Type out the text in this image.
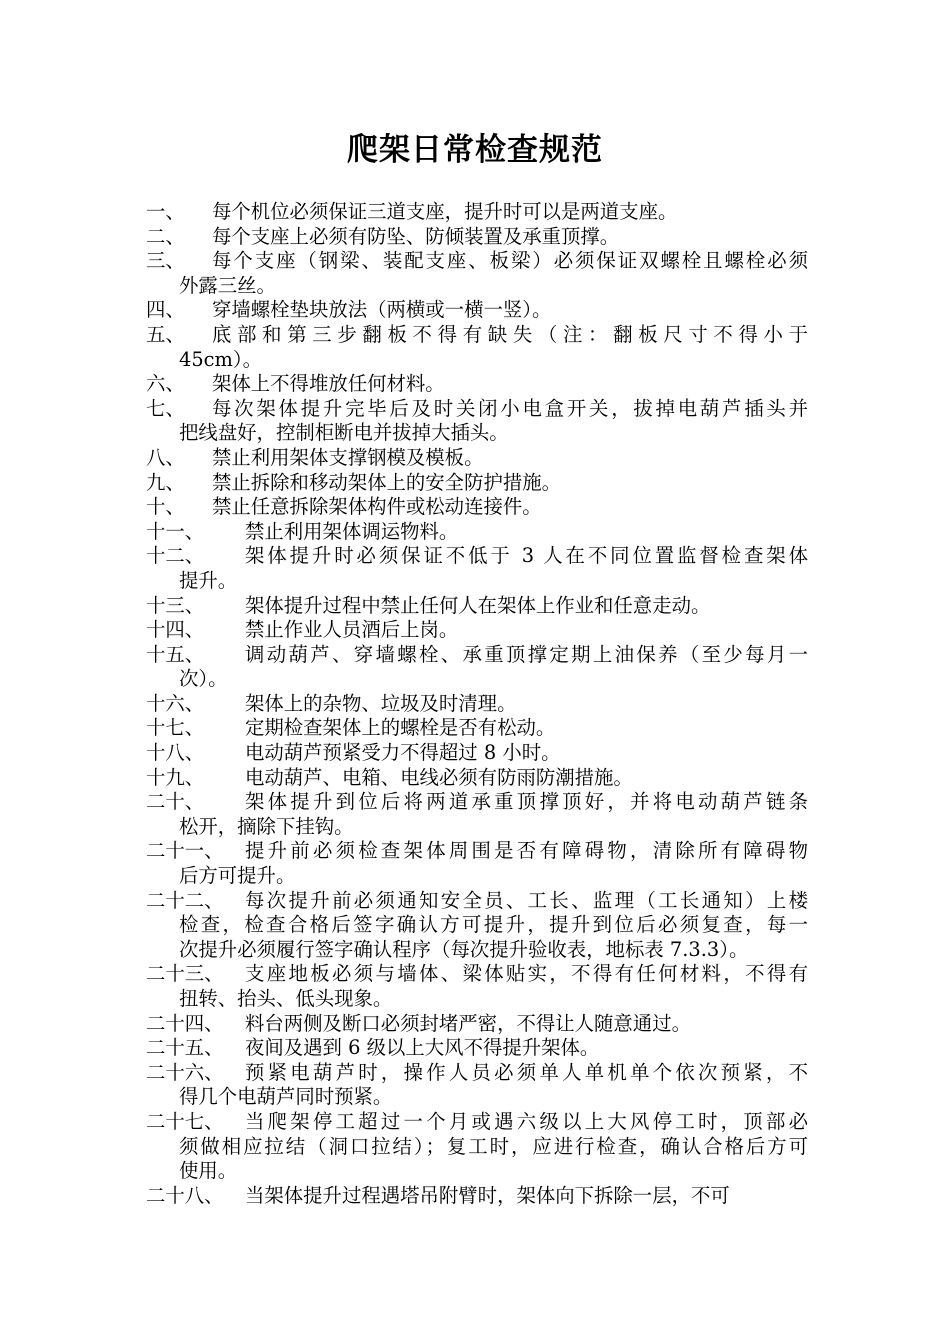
爬架日常检查规范
一、	每个机位必须保证三道支座，提升时可以是两道支座。
二、	每个支座上必须有防坠、防倾装置及承重顶撑。
三、	每个支座（钢梁、装配支座、板梁）必须保证双螺栓且螺栓必须
外露三丝。
四、	穿墙螺栓垫块放法（两横或一横一竖）。
五、	底部和第三步翻板不得有缺失（注：翻板尺寸不得小于
45cm）。
六、	架体上不得堆放任何材料。
七、	每次架体提升完毕后及时关闭小电盒开关，拔掉电葫芦插头并
把线盘好，控制柜断电并拔掉大插头。
八、	禁止利用架体支撑钢模及模板。
九、	禁止拆除和移动架体上的安全防护措施。
十、	禁止任意拆除架体构件或松动连接件。
十一、	禁止利用架体调运物料。
十二、	架体提升时必须保证不低于 3 人在不同位置监督检查架体
提升。
十三、	架体提升过程中禁止任何人在架体上作业和任意走动。
十四、	禁止作业人员酒后上岗。
十五、	调动葫芦、穿墙螺栓、承重顶撑定期上油保养（至少每月一
次）。
十六、	架体上的杂物、垃圾及时清理。
十七、	定期检查架体上的螺栓是否有松动。
十八、	电动葫芦预紧受力不得超过 8 小时。
十九、	电动葫芦、电箱、电线必须有防雨防潮措施。
二十、	架体提升到位后将两道承重顶撑顶好，并将电动葫芦链条
松开，摘除下挂钩。
二十一、	提升前必须检查架体周围是否有障碍物，清除所有障碍物
后方可提升。
二十二、	每次提升前必须通知安全员、工长、监理（工长通知）上楼
检查，检查合格后签字确认方可提升，提升到位后必须复查，每一
次提升必须履行签字确认程序（每次提升验收表，地标表 7.3.3）。
二十三、	支座地板必须与墙体、梁体贴实，不得有任何材料，不得有
扭转、抬头、低头现象。
二十四、	料台两侧及断口必须封堵严密，不得让人随意通过。
二十五、	夜间及遇到 6 级以上大风不得提升架体。
二十六、	预紧电葫芦时，操作人员必须单人单机单个依次预紧，不
得几个电葫芦同时预紧。
二十七、	当爬架停工超过一个月或遇六级以上大风停工时，顶部必
须做相应拉结（洞口拉结）；复工时，应进行检查，确认合格后方可
使用。
二十八、	当架体提升过程遇塔吊附臂时，架体向下拆除一层，不可
